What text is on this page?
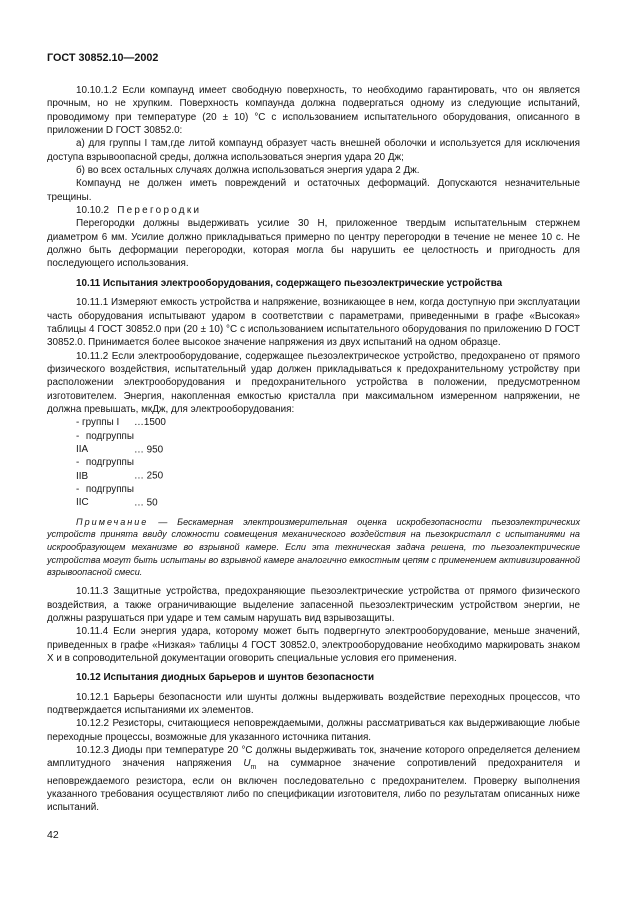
ГОСТ 30852.10—2002

10.10.1.2 Если компаунд имеет свободную поверхность, то необходимо гарантировать, что он является прочным, но не хрупким. Поверхность компаунда должна подвергаться одному из следующие испытаний, проводимому при температуре (20 ± 10) °С с использованием испытательного оборудования, описанного в приложении D ГОСТ 30852.0:

а) для группы I там,где литой компаунд образует часть внешней оболочки и используется для исключения доступа взрывоопасной среды, должна использоваться энергия удара 20 Дж;

б) во всех остальных случаях должна использоваться энергия удара 2 Дж.

Компаунд не должен иметь повреждений и остаточных деформаций. Допускаются незначительные трещины.

10.10.2 Перегородки

Перегородки должны выдерживать усилие 30 Н, приложенное твердым испытательным стержнем диаметром 6 мм. Усилие должно прикладываться примерно по центру перегородки в течение не менее 10 с. Не должно быть деформации перегородки, которая могла бы нарушить ее целостность и пригодность для последующего использования.

10.11 Испытания электрооборудования, содержащего пьезоэлектрические устройства

10.11.1 Измеряют емкость устройства и напряжение, возникающее в нем, когда доступную при эксплуатации часть оборудования испытывают ударом в соответствии с параметрами, приведенными в графе «Высокая» таблицы 4 ГОСТ 30852.0 при (20 ± 10) °С с использованием испытательного оборудования по приложению D ГОСТ 30852.0. Принимается более высокое значение напряжения из двух испытаний на одном образце.

10.11.2 Если электрооборудование, содержащее пьезоэлектрическое устройство, предохранено от прямого физического воздействия, испытательный удар должен прикладываться к предохранительному устройству при расположении электрооборудования и предохранительного устройства в положении, предусмотренном изготовителем. Энергия, накопленная емкостью кристалла при максимальном измеренном напряжении, не должна превышать, мкДж, для электрооборудования:

- группы I …1500
- подгруппы IIA	… 950
- подгруппы IIB	… 250
- подгруппы IIC	… 50

Примечание — Бескамерная электроизмерительная оценка искробезопасности пьезоэлектрических устройств принята ввиду сложности совмещения механического воздействия на пьезокристалл с испытаниями на искрообразующем механизме во взрывной камере. Если эта техническая задача решена, то пьезоэлектрические устройства могут быть испытаны во взрывной камере аналогично емкостным цепям с применением активизированной взрывоопасной смеси.

10.11.3 Защитные устройства, предохраняющие пьезоэлектрические устройства от прямого физического воздействия, а также ограничивающие выделение запасенной пьезоэлектрическим устройством энергии, не должны разрушаться при ударе и тем самым нарушать вид взрывозащиты.

10.11.4 Если энергия удара, которому может быть подвергнуто электрооборудование, меньше значений, приведенных в графе «Низкая» таблицы 4 ГОСТ 30852.0, электрооборудование необходимо маркировать знаком Х и в сопроводительной документации оговорить специальные условия его применения.

10.12 Испытания диодных барьеров и шунтов безопасности

10.12.1 Барьеры безопасности или шунты должны выдерживать воздействие переходных процессов, что подтверждается испытаниями их элементов.

10.12.2 Резисторы, считающиеся неповреждаемыми, должны рассматриваться как выдерживающие любые переходные процессы, возможные для указанного источника питания.

10.12.3 Диоды при температуре 20 °С должны выдерживать ток, значение которого определяется делением амплитудного значения напряжения $U_m$ на суммарное значение сопротивлений предохранителя и неповреждаемого резистора, если он включен последовательно с предохранителем. Проверку выполнения указанного требования осуществляют либо по спецификации изготовителя, либо по результатам описанных ниже испытаний.

42
